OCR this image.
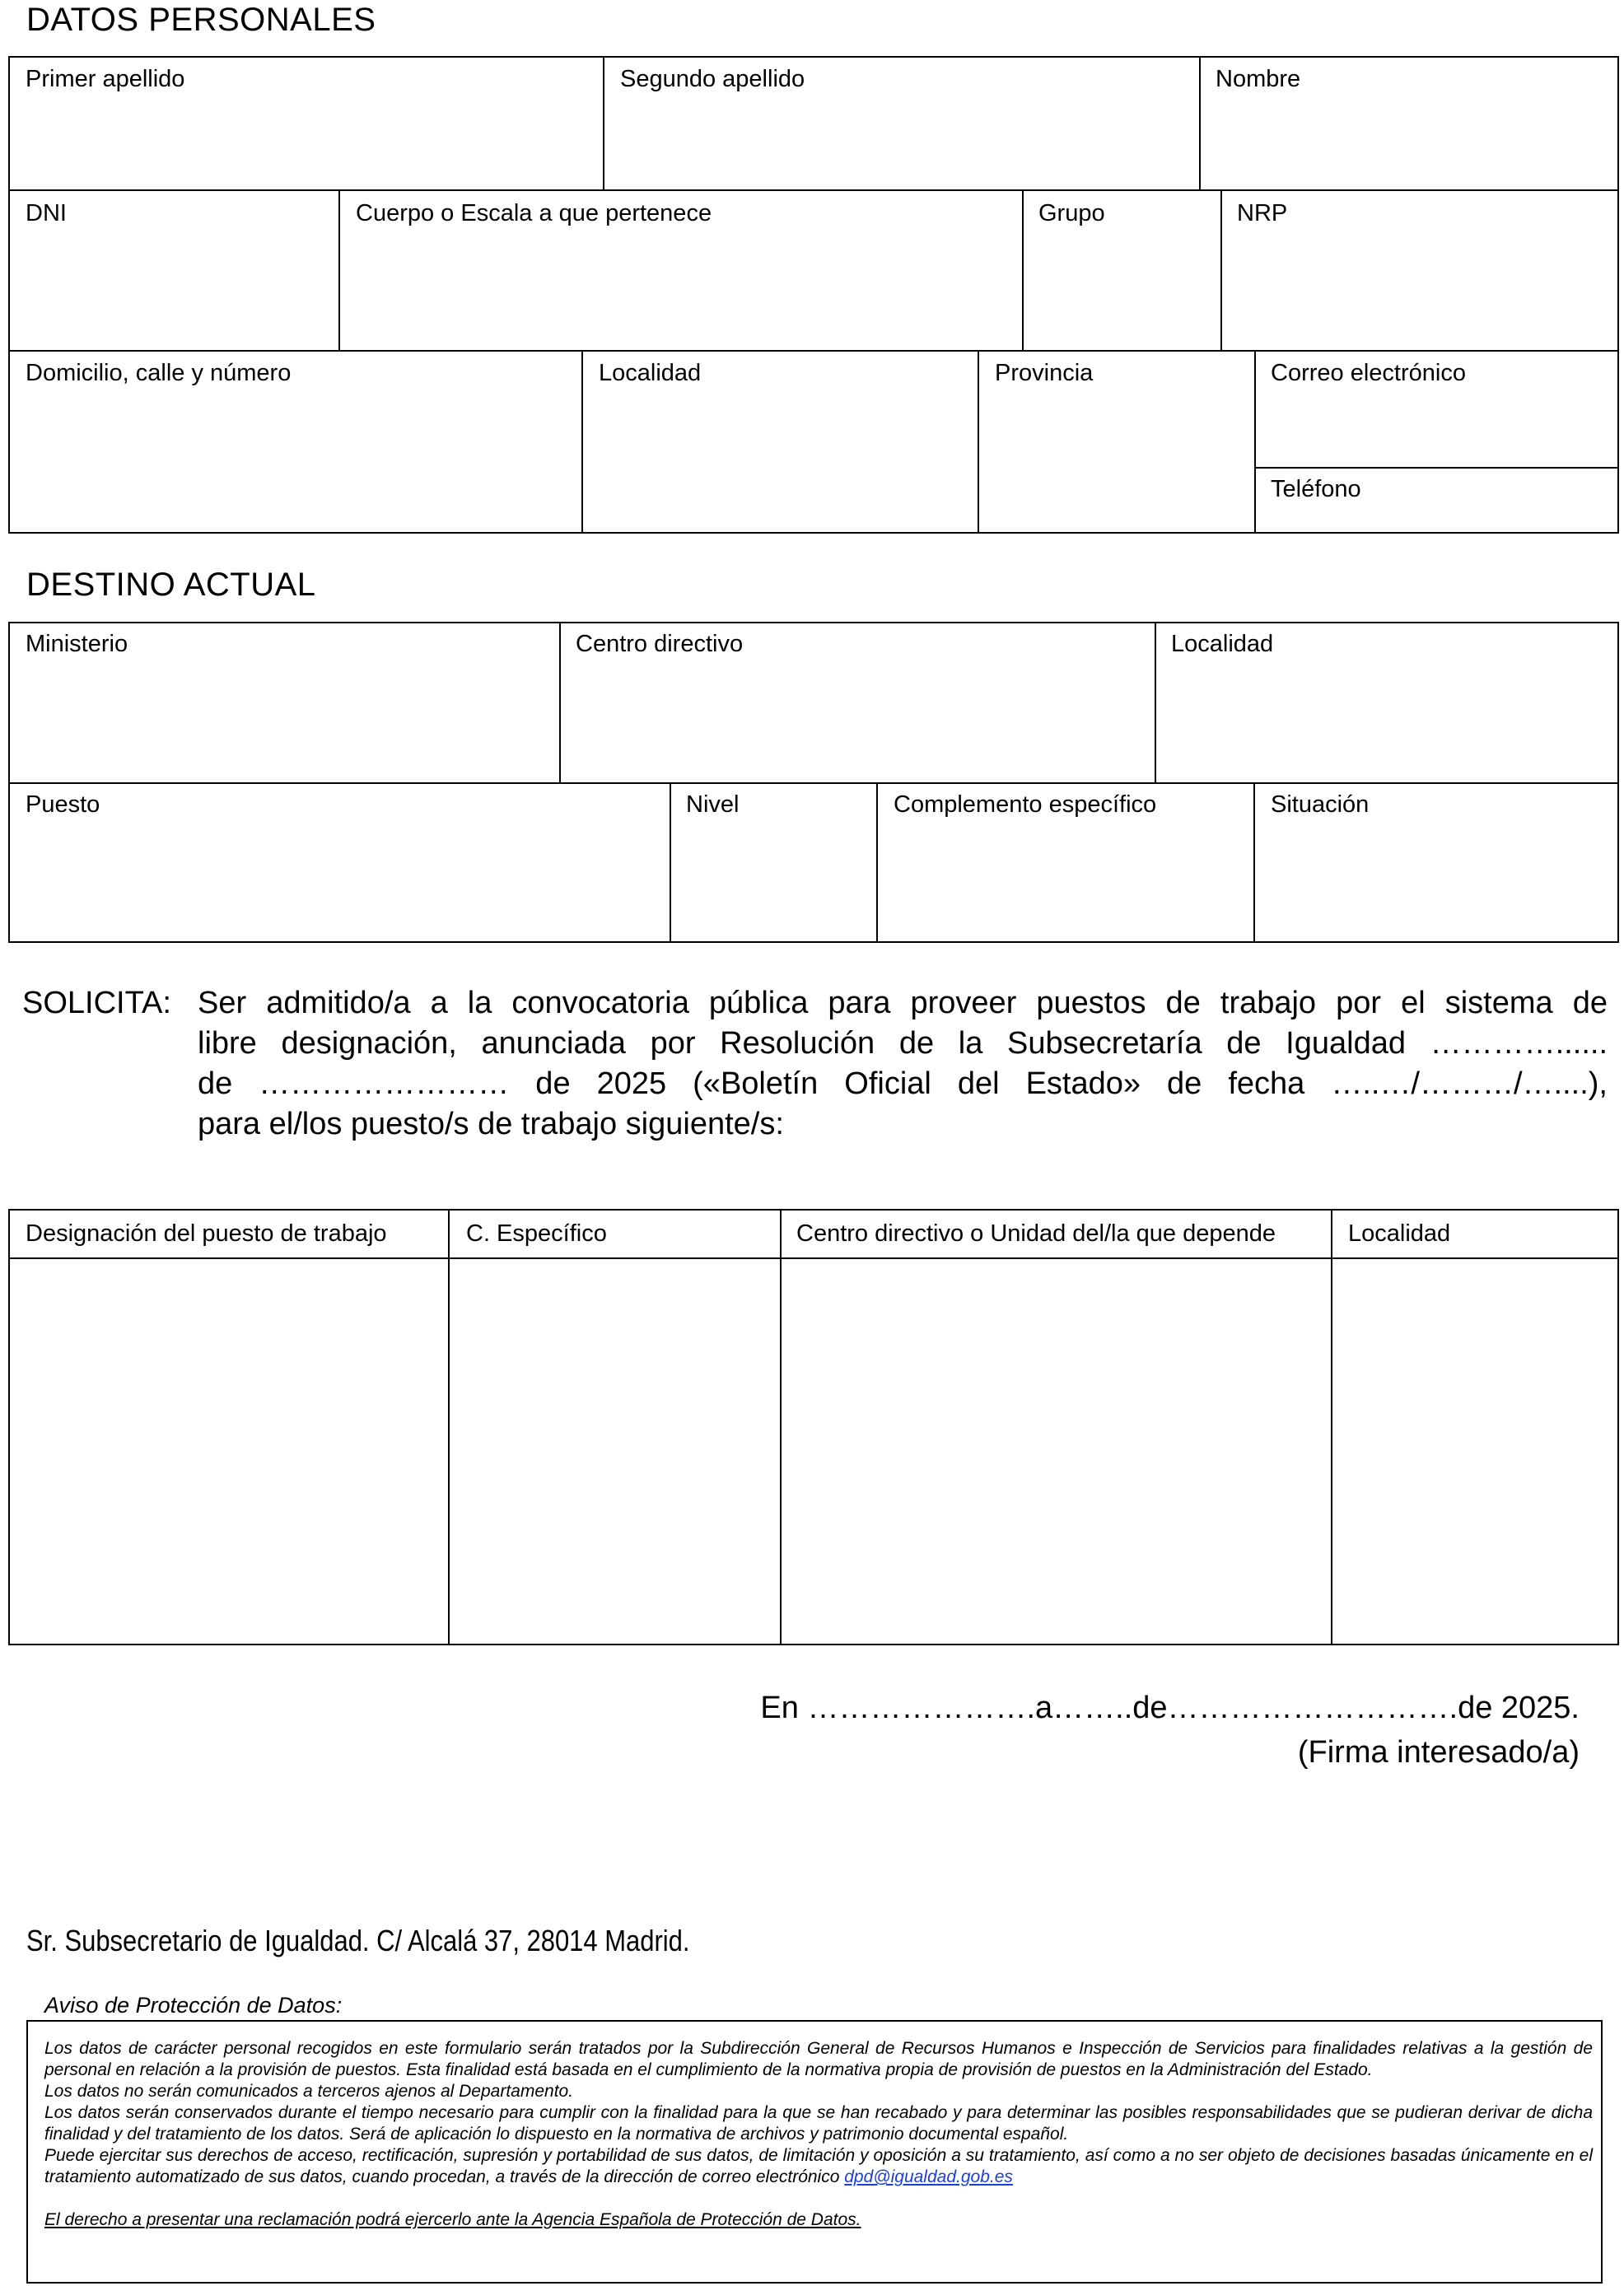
DATOS PERSONALES
Primer apellido	Segundo apellido	Nombre
DNI	Cuerpo o Escala a que pertenece	Grupo	NRP
Domicilio, calle y número	Localidad	Provincia	Correo electrónico
Teléfono
DESTINO ACTUAL
Ministerio	Centro directivo	Localidad
Puesto	Nivel	Complemento específico	Situación
SOLICITA: Ser admitido/a a la convocatoria pública para proveer puestos de trabajo por el sistema de
libre designación, anunciada por Resolución de la Subsecretaría de Igualdad …………......
de …………………… de 2025 («Boletín Oficial del Estado» de fecha …..…/………/…....),
para el/los puesto/s de trabajo siguiente/s:
Designación del puesto de trabajo	C. Específico	Centro directivo o Unidad del/la que depende	Localidad
En ………………….a……..de……………………….de 2025.
(Firma interesado/a)
Sr. Subsecretario de Igualdad. C/ Alcalá 37, 28014 Madrid.
Aviso de Protección de Datos:

Los datos de carácter personal recogidos en este formulario serán tratados por la Subdirección General de Recursos Humanos e Inspección de Servicios para finalidades relativas a la gestión de personal en relación a la provisión de puestos. Esta finalidad está basada en el cumplimiento de la normativa propia de provisión de puestos en la Administración del Estado.

Los datos no serán comunicados a terceros ajenos al Departamento.

Los datos serán conservados durante el tiempo necesario para cumplir con la finalidad para la que se han recabado y para determinar las posibles responsabilidades que se pudieran derivar de dicha finalidad y del tratamiento de los datos. Será de aplicación lo dispuesto en la normativa de archivos y patrimonio documental español.

Puede ejercitar sus derechos de acceso, rectificación, supresión y portabilidad de sus datos, de limitación y oposición a su tratamiento, así como a no ser objeto de decisiones basadas únicamente en el tratamiento automatizado de sus datos, cuando procedan, a través de la dirección de correo electrónico dpd@igualdad.gob.es

El derecho a presentar una reclamación podrá ejercerlo ante la Agencia Española de Protección de Datos.
